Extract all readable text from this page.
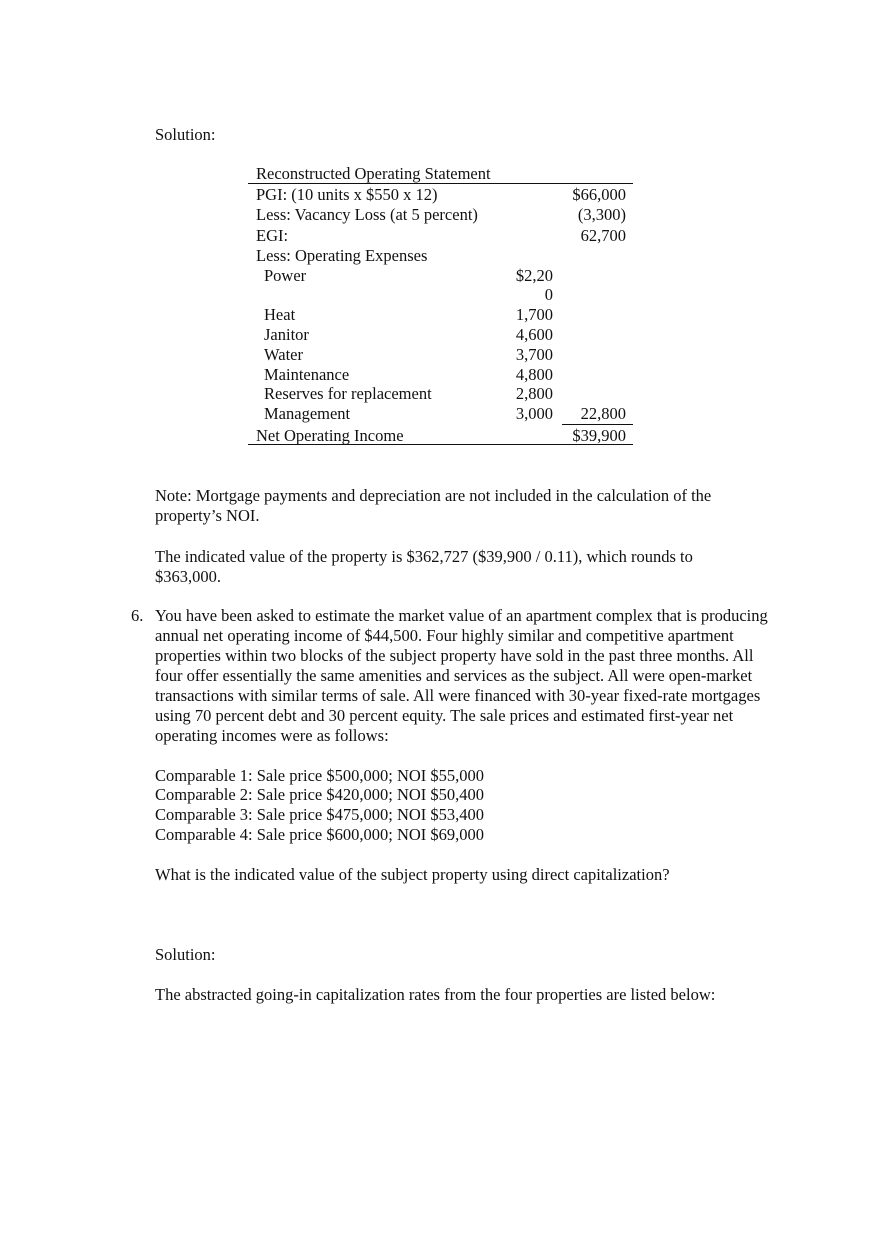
Solution:
Reconstructed Operating Statement
PGI: (10 units x $550 x 12)	$66,000
Less: Vacancy Loss (at 5 percent)	(3,300)
EGI:	62,700
Less: Operating Expenses
Power	$2,20
0
Heat	1,700
Janitor	4,600
Water	3,700
Maintenance	4,800
Reserves for replacement	2,800
Management	3,000	22,800
Net Operating Income	$39,900
Note: Mortgage payments and depreciation are not included in the calculation of the property’s NOI.
The indicated value of the property is $362,727 ($39,900 / 0.11), which rounds to $363,000.
6. You have been asked to estimate the market value of an apartment complex that is producing annual net operating income of $44,500. Four highly similar and competitive apartment properties within two blocks of the subject property have sold in the past three months. All four offer essentially the same amenities and services as the subject. All were open-market transactions with similar terms of sale. All were financed with 30-year fixed-rate mortgages using 70 percent debt and 30 percent equity. The sale prices and estimated first-year net operating incomes were as follows:
Comparable 1: Sale price $500,000; NOI $55,000
Comparable 2: Sale price $420,000; NOI $50,400
Comparable 3: Sale price $475,000; NOI $53,400
Comparable 4: Sale price $600,000; NOI $69,000
What is the indicated value of the subject property using direct capitalization?
Solution:
The abstracted going-in capitalization rates from the four properties are listed below:
